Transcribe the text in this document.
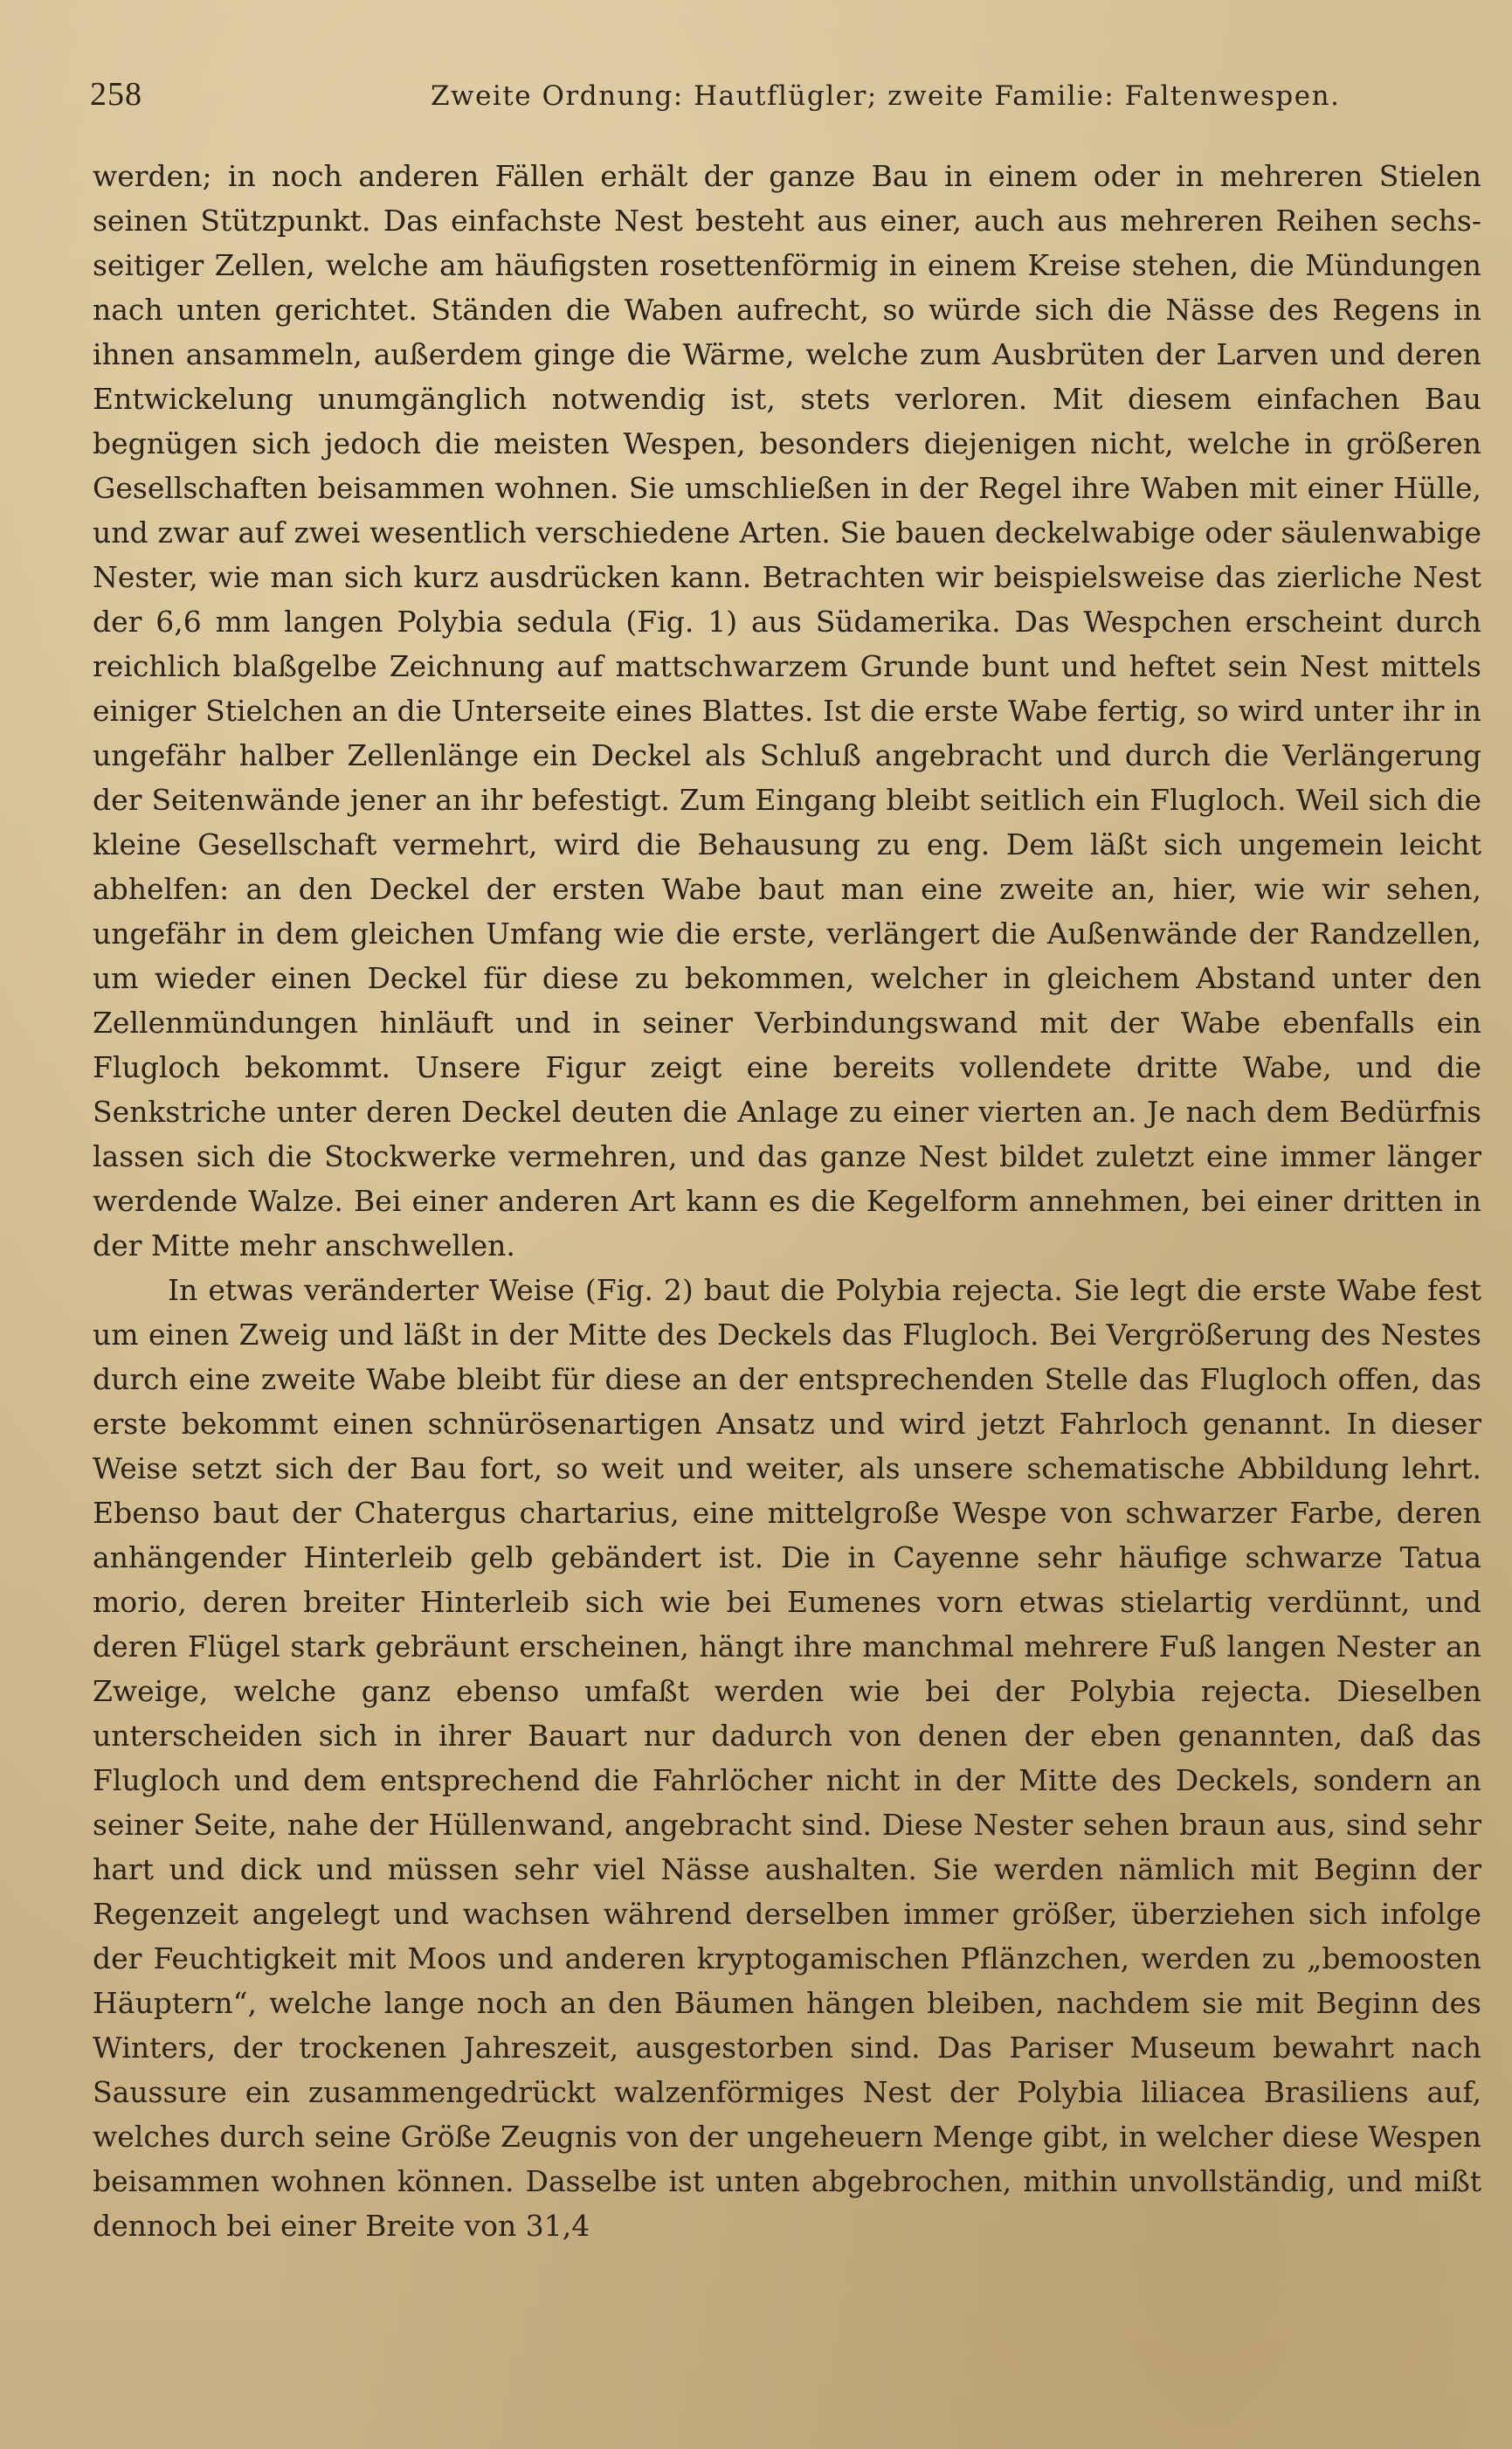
258	Zweite Ordnung: Hautflügler; zweite Familie: Faltenwespen.

werden; in noch anderen Fällen erhält der ganze Bau in einem oder in mehreren Stielen seinen Stützpunkt. Das einfachste Nest besteht aus einer, auch aus mehreren Reihen sechsseitiger Zellen, welche am häufigsten rosettenförmig in einem Kreise stehen, die Mündungen nach unten gerichtet. Ständen die Waben aufrecht, so würde sich die Nässe des Regens in ihnen ansammeln, außerdem ginge die Wärme, welche zum Ausbrüten der Larven und deren Entwickelung unumgänglich notwendig ist, stets verloren. Mit diesem einfachen Bau begnügen sich jedoch die meisten Wespen, besonders diejenigen nicht, welche in größeren Gesellschaften beisammen wohnen. Sie umschließen in der Regel ihre Waben mit einer Hülle, und zwar auf zwei wesentlich verschiedene Arten. Sie bauen deckelwabige oder säulenwabige Nester, wie man sich kurz ausdrücken kann. Betrachten wir beispielsweise das zierliche Nest der 6,6 mm langen Polybia sedula (Fig. 1) aus Südamerika. Das Wespchen erscheint durch reichlich blaßgelbe Zeichnung auf mattschwarzem Grunde bunt und heftet sein Nest mittels einiger Stielchen an die Unterseite eines Blattes. Ist die erste Wabe fertig, so wird unter ihr in ungefähr halber Zellenlänge ein Deckel als Schluß angebracht und durch die Verlängerung der Seitenwände jener an ihr befestigt. Zum Eingang bleibt seitlich ein Flugloch. Weil sich die kleine Gesellschaft vermehrt, wird die Behausung zu eng. Dem läßt sich ungemein leicht abhelfen: an den Deckel der ersten Wabe baut man eine zweite an, hier, wie wir sehen, ungefähr in dem gleichen Umfang wie die erste, verlängert die Außenwände der Randzellen, um wieder einen Deckel für diese zu bekommen, welcher in gleichem Abstand unter den Zellenmündungen hinläuft und in seiner Verbindungswand mit der Wabe ebenfalls ein Flugloch bekommt. Unsere Figur zeigt eine bereits vollendete dritte Wabe, und die Senkstriche unter deren Deckel deuten die Anlage zu einer vierten an. Je nach dem Bedürfnis lassen sich die Stockwerke vermehren, und das ganze Nest bildet zuletzt eine immer länger werdende Walze. Bei einer anderen Art kann es die Kegelform annehmen, bei einer dritten in der Mitte mehr anschwellen.

In etwas veränderter Weise (Fig. 2) baut die Polybia rejecta. Sie legt die erste Wabe fest um einen Zweig und läßt in der Mitte des Deckels das Flugloch. Bei Vergrößerung des Nestes durch eine zweite Wabe bleibt für diese an der entsprechenden Stelle das Flugloch offen, das erste bekommt einen schnürösenartigen Ansatz und wird jetzt Fahrloch genannt. In dieser Weise setzt sich der Bau fort, so weit und weiter, als unsere schematische Abbildung lehrt. Ebenso baut der Chatergus chartarius, eine mittelgroße Wespe von schwarzer Farbe, deren anhängender Hinterleib gelb gebändert ist. Die in Cayenne sehr häufige schwarze Tatua morio, deren breiter Hinterleib sich wie bei Eumenes vorn etwas stielartig verdünnt, und deren Flügel stark gebräunt erscheinen, hängt ihre manchmal mehrere Fuß langen Nester an Zweige, welche ganz ebenso umfaßt werden wie bei der Polybia rejecta. Dieselben unterscheiden sich in ihrer Bauart nur dadurch von denen der eben genannten, daß das Flugloch und dem entsprechend die Fahrlöcher nicht in der Mitte des Deckels, sondern an seiner Seite, nahe der Hüllenwand, angebracht sind. Diese Nester sehen braun aus, sind sehr hart und dick und müssen sehr viel Nässe aushalten. Sie werden nämlich mit Beginn der Regenzeit angelegt und wachsen während derselben immer größer, überziehen sich infolge der Feuchtigkeit mit Moos und anderen kryptogamischen Pflänzchen, werden zu „bemoosten Häuptern“, welche lange noch an den Bäumen hängen bleiben, nachdem sie mit Beginn des Winters, der trockenen Jahreszeit, ausgestorben sind. Das Pariser Museum bewahrt nach Saussure ein zusammengedrückt walzenförmiges Nest der Polybia liliacea Brasiliens auf, welches durch seine Größe Zeugnis von der ungeheuern Menge gibt, in welcher diese Wespen beisammen wohnen können. Dasselbe ist unten abgebrochen, mithin unvollständig, und mißt dennoch bei einer Breite von 31,4
